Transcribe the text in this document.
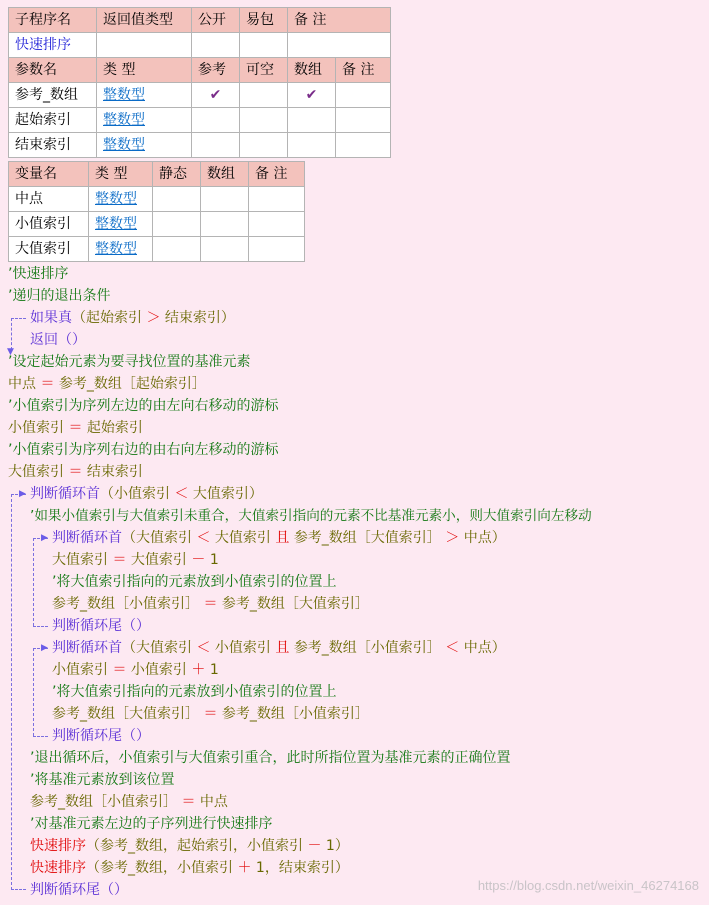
子程序名	返回值类型	公开	易包	备 注	
快速排序					
参数名	类 型	参考	可空	数组	备 注
参考_数组	整数型	✔		✔	
起始索引	整数型				
结束索引	整数型				
变量名	类 型	静态	数组	备 注
中点	整数型			
小值索引	整数型			
大值索引	整数型			
▼
▶
▶
▶
’快速排序
’递归的退出条件
如果真（起始索引 ＞ 结束索引）
返回（）
’设定起始元素为要寻找位置的基准元素
中点 ＝ 参考_数组［起始索引］
’小值索引为序列左边的由左向右移动的游标
小值索引 ＝ 起始索引
’小值索引为序列右边的由右向左移动的游标
大值索引 ＝ 结束索引
判断循环首（小值索引 ＜ 大值索引）
’如果小值索引与大值索引未重合，大值索引指向的元素不比基准元素小，则大值索引向左移动
判断循环首（大值索引 ＜ 大值索引 且 参考_数组［大值索引］ ＞ 中点）
大值索引 ＝ 大值索引 － 1
’将大值索引指向的元素放到小值索引的位置上
参考_数组［小值索引］ ＝ 参考_数组［大值索引］
判断循环尾（）
判断循环首（大值索引 ＜ 小值索引 且 参考_数组［小值索引］ ＜ 中点）
小值索引 ＝ 小值索引 ＋ 1
’将大值索引指向的元素放到小值索引的位置上
参考_数组［大值索引］ ＝ 参考_数组［小值索引］
判断循环尾（）
’退出循环后，小值索引与大值索引重合，此时所指位置为基准元素的正确位置
’将基准元素放到该位置
参考_数组［小值索引］ ＝ 中点
’对基准元素左边的子序列进行快速排序
快速排序（参考_数组，起始索引，小值索引 － 1）
快速排序（参考_数组，小值索引 ＋ 1，结束索引）
判断循环尾（）	https://blog.csdn.net/weixin_46274168
